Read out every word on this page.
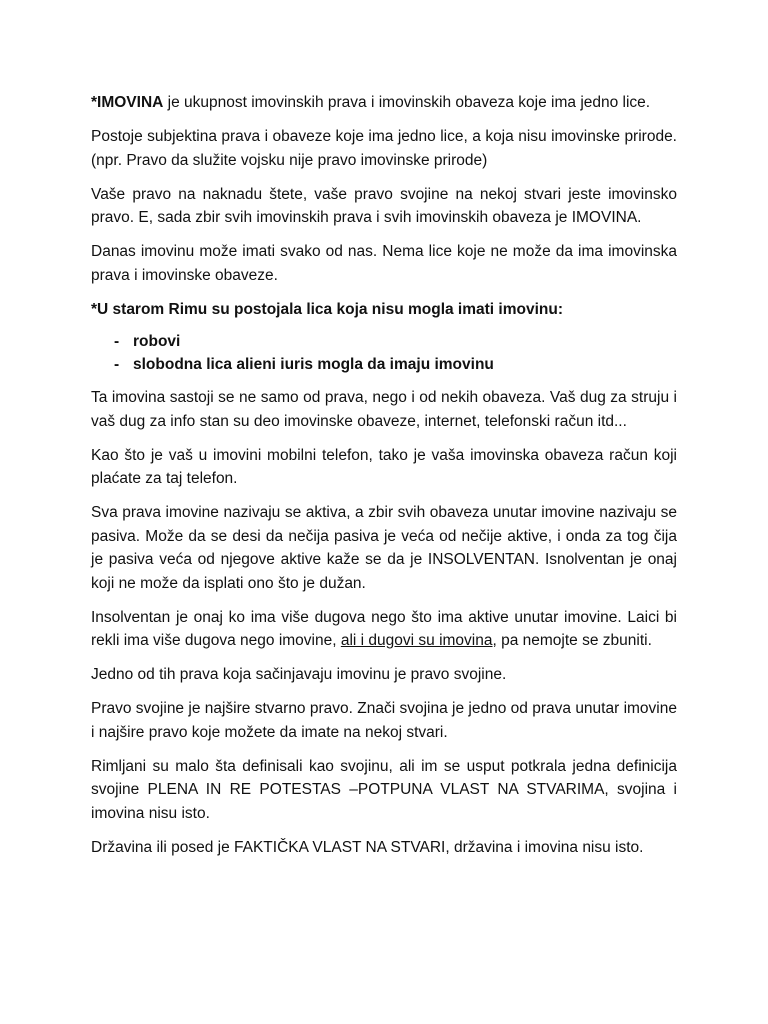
*IMOVINA je ukupnost imovinskih prava i imovinskih obaveza koje ima jedno lice.

Postoje subjektina prava i obaveze koje ima jedno lice, a koja nisu imovinske prirode. (npr. Pravo da služite vojsku nije pravo imovinske prirode)

Vaše pravo na naknadu štete, vaše pravo svojine na nekoj stvari jeste imovinsko pravo. E, sada zbir svih imovinskih prava i svih imovinskih obaveza je IMOVINA.

Danas imovinu može imati svako od nas. Nema lice koje ne može da ima imovinska prava i imovinske obaveze.

*U starom Rimu su postojala lica koja nisu mogla imati imovinu:

- robovi
- slobodna lica alieni iuris mogla da imaju imovinu

Ta imovina sastoji se ne samo od prava, nego i od nekih obaveza. Vaš dug za struju i vaš dug za info stan su deo imovinske obaveze, internet, telefonski račun itd...

Kao što je vaš u imovini mobilni telefon, tako je vaša imovinska obaveza račun koji plaćate za taj telefon.

Sva prava imovine nazivaju se aktiva, a zbir svih obaveza unutar imovine nazivaju se pasiva. Može da se desi da nečija pasiva je veća od nečije aktive, i onda za tog čija je pasiva veća od njegove aktive kaže se da je INSOLVENTAN. Isnolventan je onaj koji ne može da isplati ono što je dužan.

Insolventan je onaj ko ima više dugova nego što ima aktive unutar imovine. Laici bi rekli ima više dugova nego imovine, ali i dugovi su imovina, pa nemojte se zbuniti.

Jedno od tih prava koja sačinjavaju imovinu je pravo svojine.

Pravo svojine je najšire stvarno pravo. Znači svojina je jedno od prava unutar imovine i najšire pravo koje možete da imate na nekoj stvari.

Rimljani su malo šta definisali kao svojinu, ali im se usput potkrala jedna definicija svojine PLENA IN RE POTESTAS –POTPUNA VLAST NA STVARIMA, svojina i imovina nisu isto.

Državina ili posed je FAKTIČKA VLAST NA STVARI, državina i imovina nisu isto.
